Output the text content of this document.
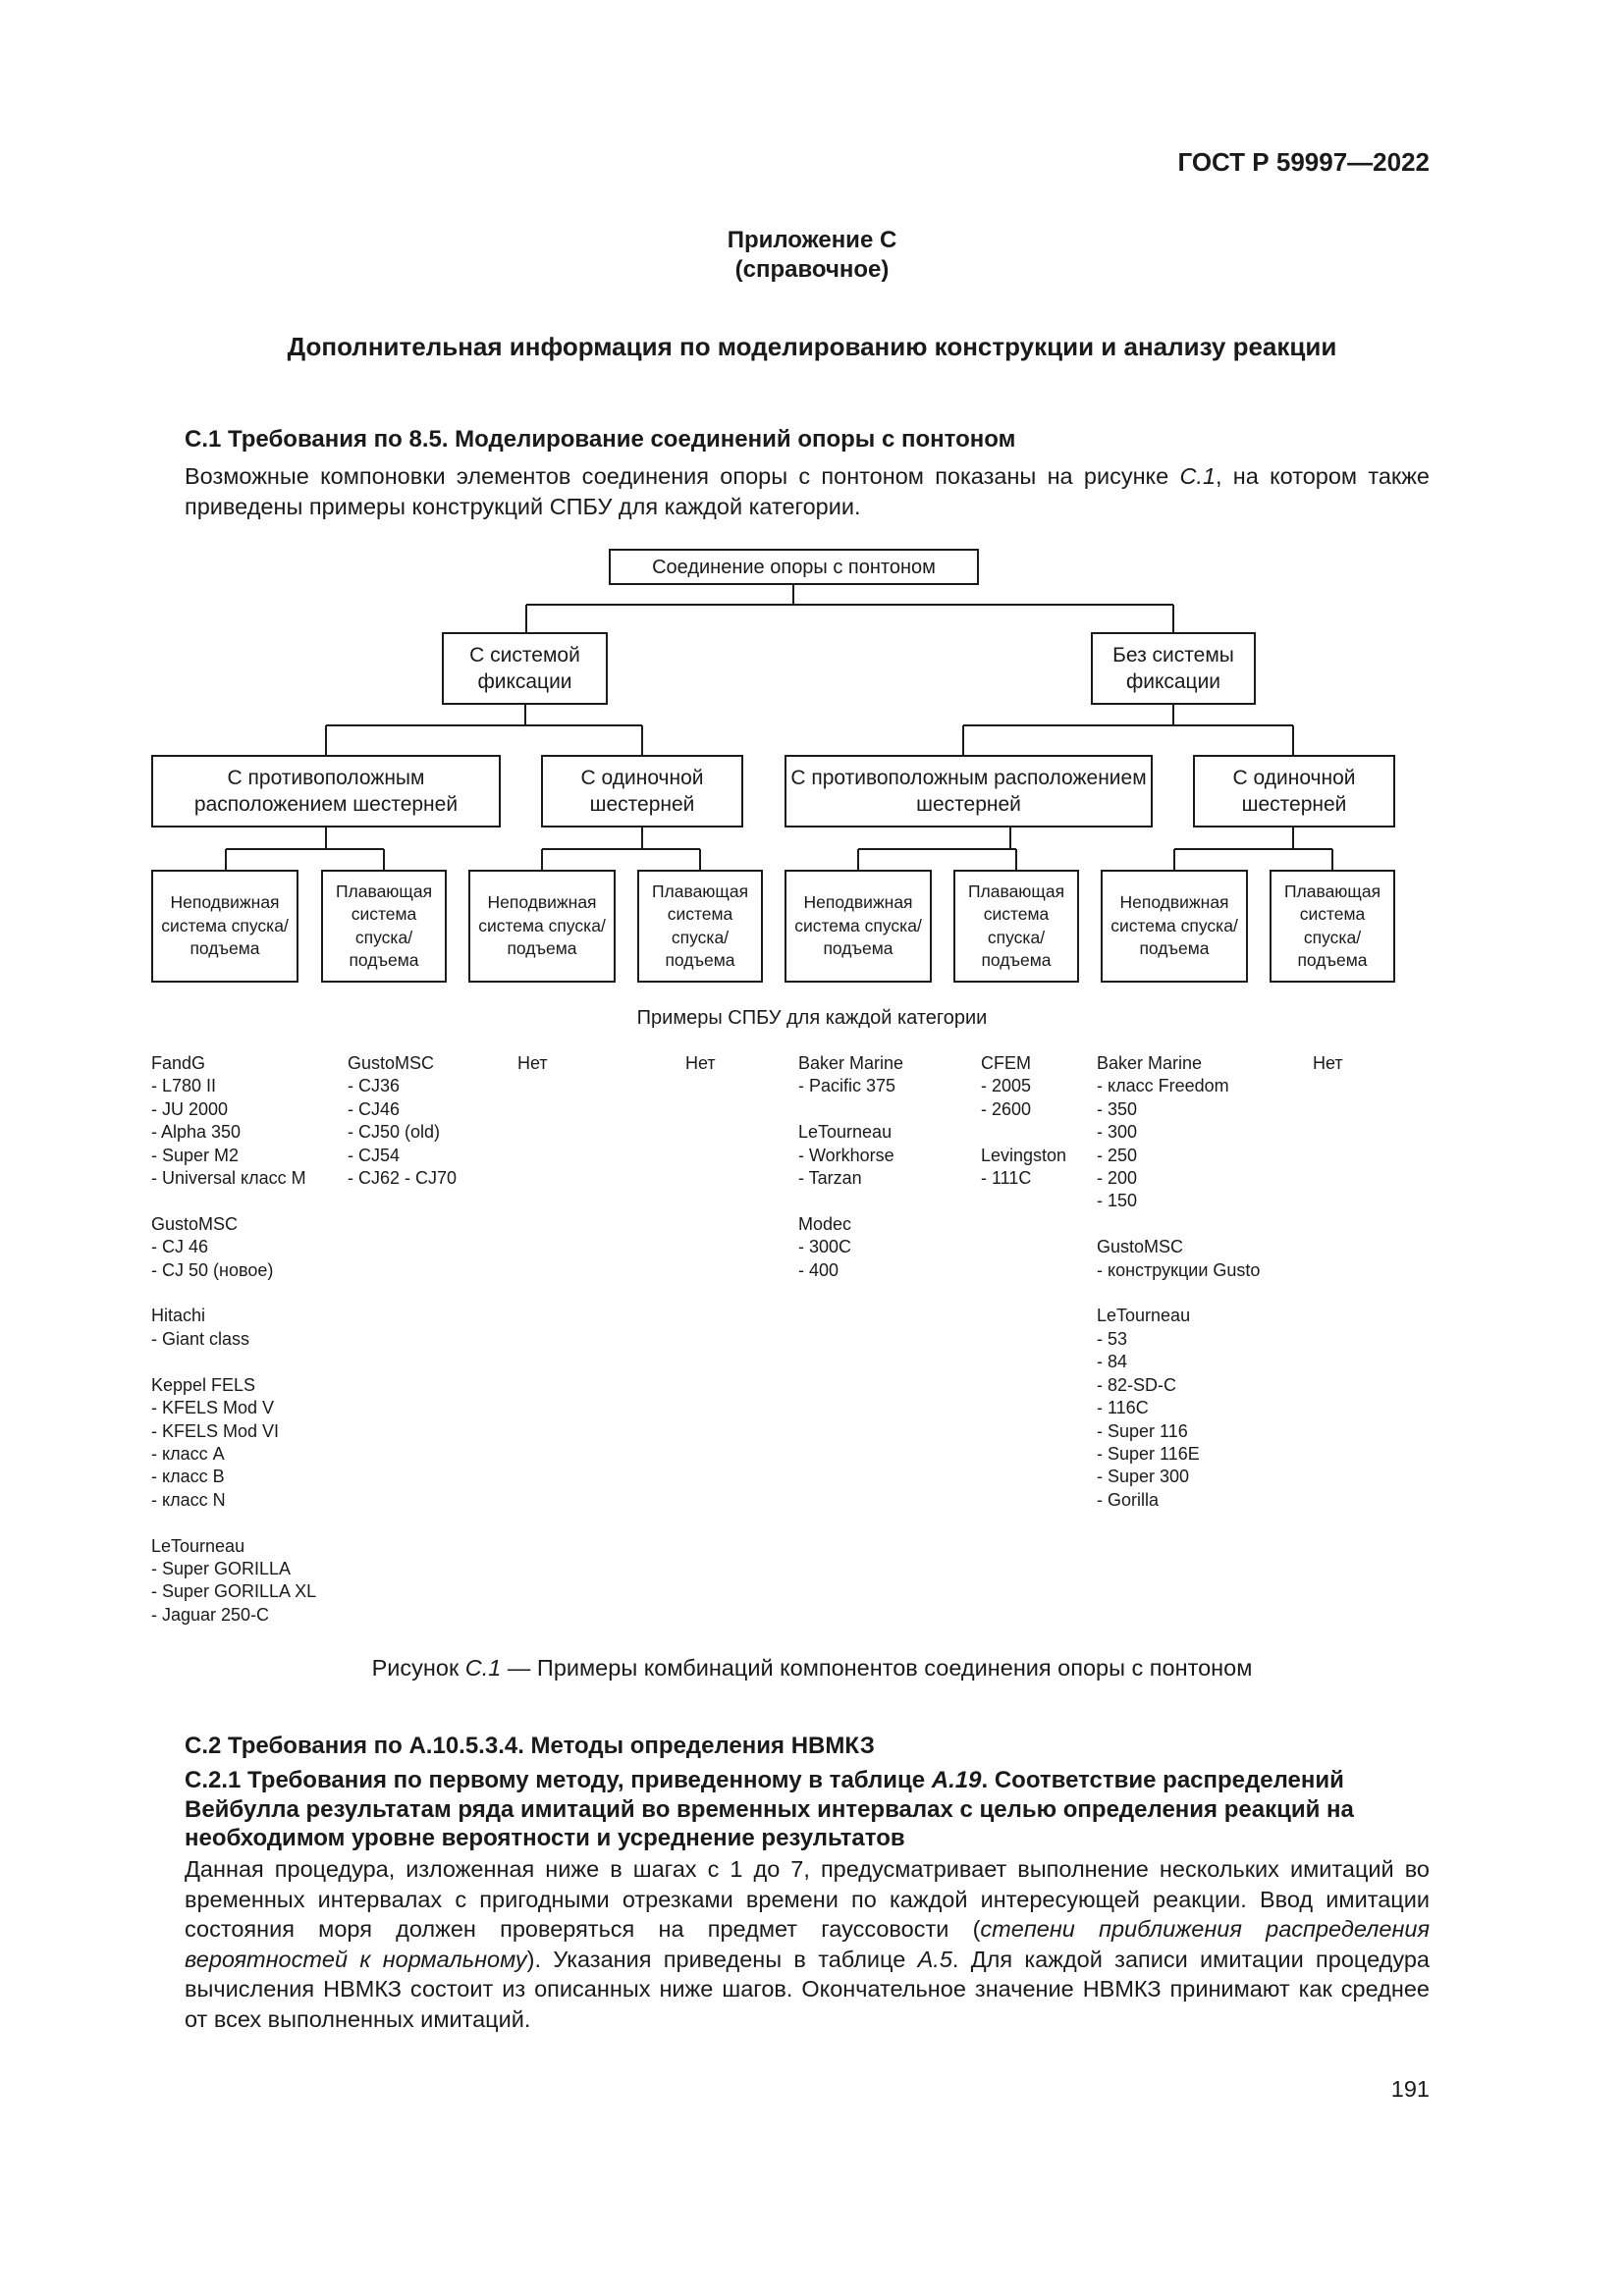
ГОСТ Р 59997—2022
Приложение С
(справочное)
Дополнительная информация по моделированию конструкции и анализу реакции
С.1 Требования по 8.5. Моделирование соединений опоры с понтоном
Возможные компоновки элементов соединения опоры с понтоном показаны на рисунке С.1, на котором также приведены примеры конструкций СПБУ для каждой категории.
Соединение опоры с понтоном
С системой фиксации
Без системы фиксации
С противоположным расположением шестерней
С одиночной шестерней
С противоположным расположением шестерней
С одиночной шестерней
Неподвижная система спуска/ подъема
Плавающая система спуска/ подъема
Неподвижная система спуска/ подъема
Плавающая система спуска/ подъема
Неподвижная система спуска/ подъема
Плавающая система спуска/ подъема
Неподвижная система спуска/ подъема
Плавающая система спуска/ подъема
Примеры СПБУ для каждой категории
FandG
- L780 II
- JU 2000
- Alpha 350
- Super M2
- Universal класс M

GustoMSC
- CJ 46
- CJ 50 (новое)

Hitachi
- Giant class

Keppel FELS
- KFELS Mod V
- KFELS Mod VI
- класс A
- класс B
- класс N

LeTourneau
- Super GORILLA
- Super GORILLA XL
- Jaguar 250-C
GustoMSC
- CJ36
- CJ46
- CJ50 (old)
- CJ54
- CJ62 - CJ70
Нет	Нет	Baker Marine
- Pacific 375

LeTourneau
- Workhorse
- Tarzan

Modec
- 300C
- 400
CFEM
- 2005
- 2600

Levingston
- 111C
Baker Marine
- класс Freedom
- 350
- 300
- 250
- 200
- 150

GustoMSC
- конструкции Gusto

LeTourneau
- 53
- 84
- 82-SD-C
- 116C
- Super 116
- Super 116E
- Super 300
- Gorilla
Нет
Рисунок С.1 — Примеры комбинаций компонентов соединения опоры с понтоном
С.2 Требования по А.10.5.3.4. Методы определения НВМКЗ
С.2.1 Требования по первому методу, приведенному в таблице А.19. Соответствие распределений Вейбулла результатам ряда имитаций во временных интервалах с целью определения реакций на необходимом уровне вероятности и усреднение результатов
Данная процедура, изложенная ниже в шагах с 1 до 7, предусматривает выполнение нескольких имитаций во временных интервалах с пригодными отрезками времени по каждой интересующей реакции. Ввод имитации состояния моря должен проверяться на предмет гауссовости (степени приближения распределения вероятностей к нормальному). Указания приведены в таблице А.5. Для каждой записи имитации процедура вычисления НВМКЗ состоит из описанных ниже шагов. Окончательное значение НВМКЗ принимают как среднее от всех выполненных имитаций.
191
